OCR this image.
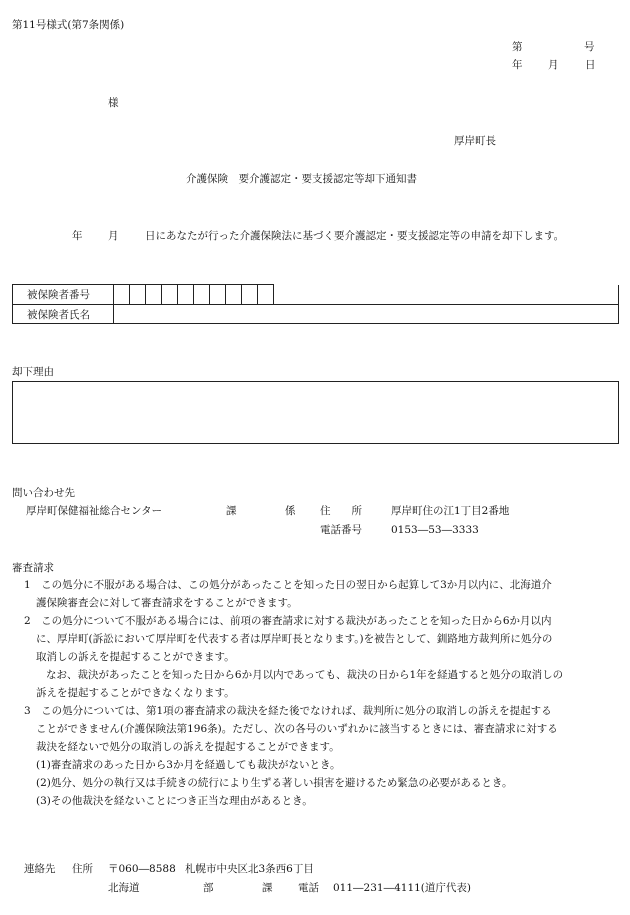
第11号様式(第7条関係)
第	号
年 月	日
様
厚岸町長
介護保険　要介護認定・要支援認定等却下通知書
年 月	日にあなたが行った介護保険法に基づく要介護認定・要支援認定等の申請を却下します。
被保険者番号
被保険者氏名
却下理由
問い合わせ先
厚岸町保健福祉総合センター	課	係 住　　所	厚岸町住の江1丁目2番地
電話番号	0153―53―3333
審査請求
1　この処分に不服がある場合は、この処分があったことを知った日の翌日から起算して3か月以内に、北海道介
護保険審査会に対して審査請求をすることができます。
2　この処分について不服がある場合には、前項の審査請求に対する裁決があったことを知った日から6か月以内
に、厚岸町(訴訟において厚岸町を代表する者は厚岸町長となります。)を被告として、釧路地方裁判所に処分の
取消しの訴えを提起することができます。
なお、裁決があったことを知った日から6か月以内であっても、裁決の日から1年を経過すると処分の取消しの
訴えを提起することができなくなります。
3　この処分については、第1項の審査請求の裁決を経た後でなければ、裁判所に処分の取消しの訴えを提起する
ことができません(介護保険法第196条)。ただし、次の各号のいずれかに該当するときには、審査請求に対する
裁決を経ないで処分の取消しの訴えを提起することができます。
(1)審査請求のあった日から3か月を経過しても裁決がないとき。
(2)処分、処分の執行又は手続きの続行により生ずる著しい損害を避けるため緊急の必要があるとき。
(3)その他裁決を経ないことにつき正当な理由があるとき。
連絡先 住所 〒060―8588 札幌市中央区北3条西6丁目
北海道	部	課 電話 011―231―4111(道庁代表)
